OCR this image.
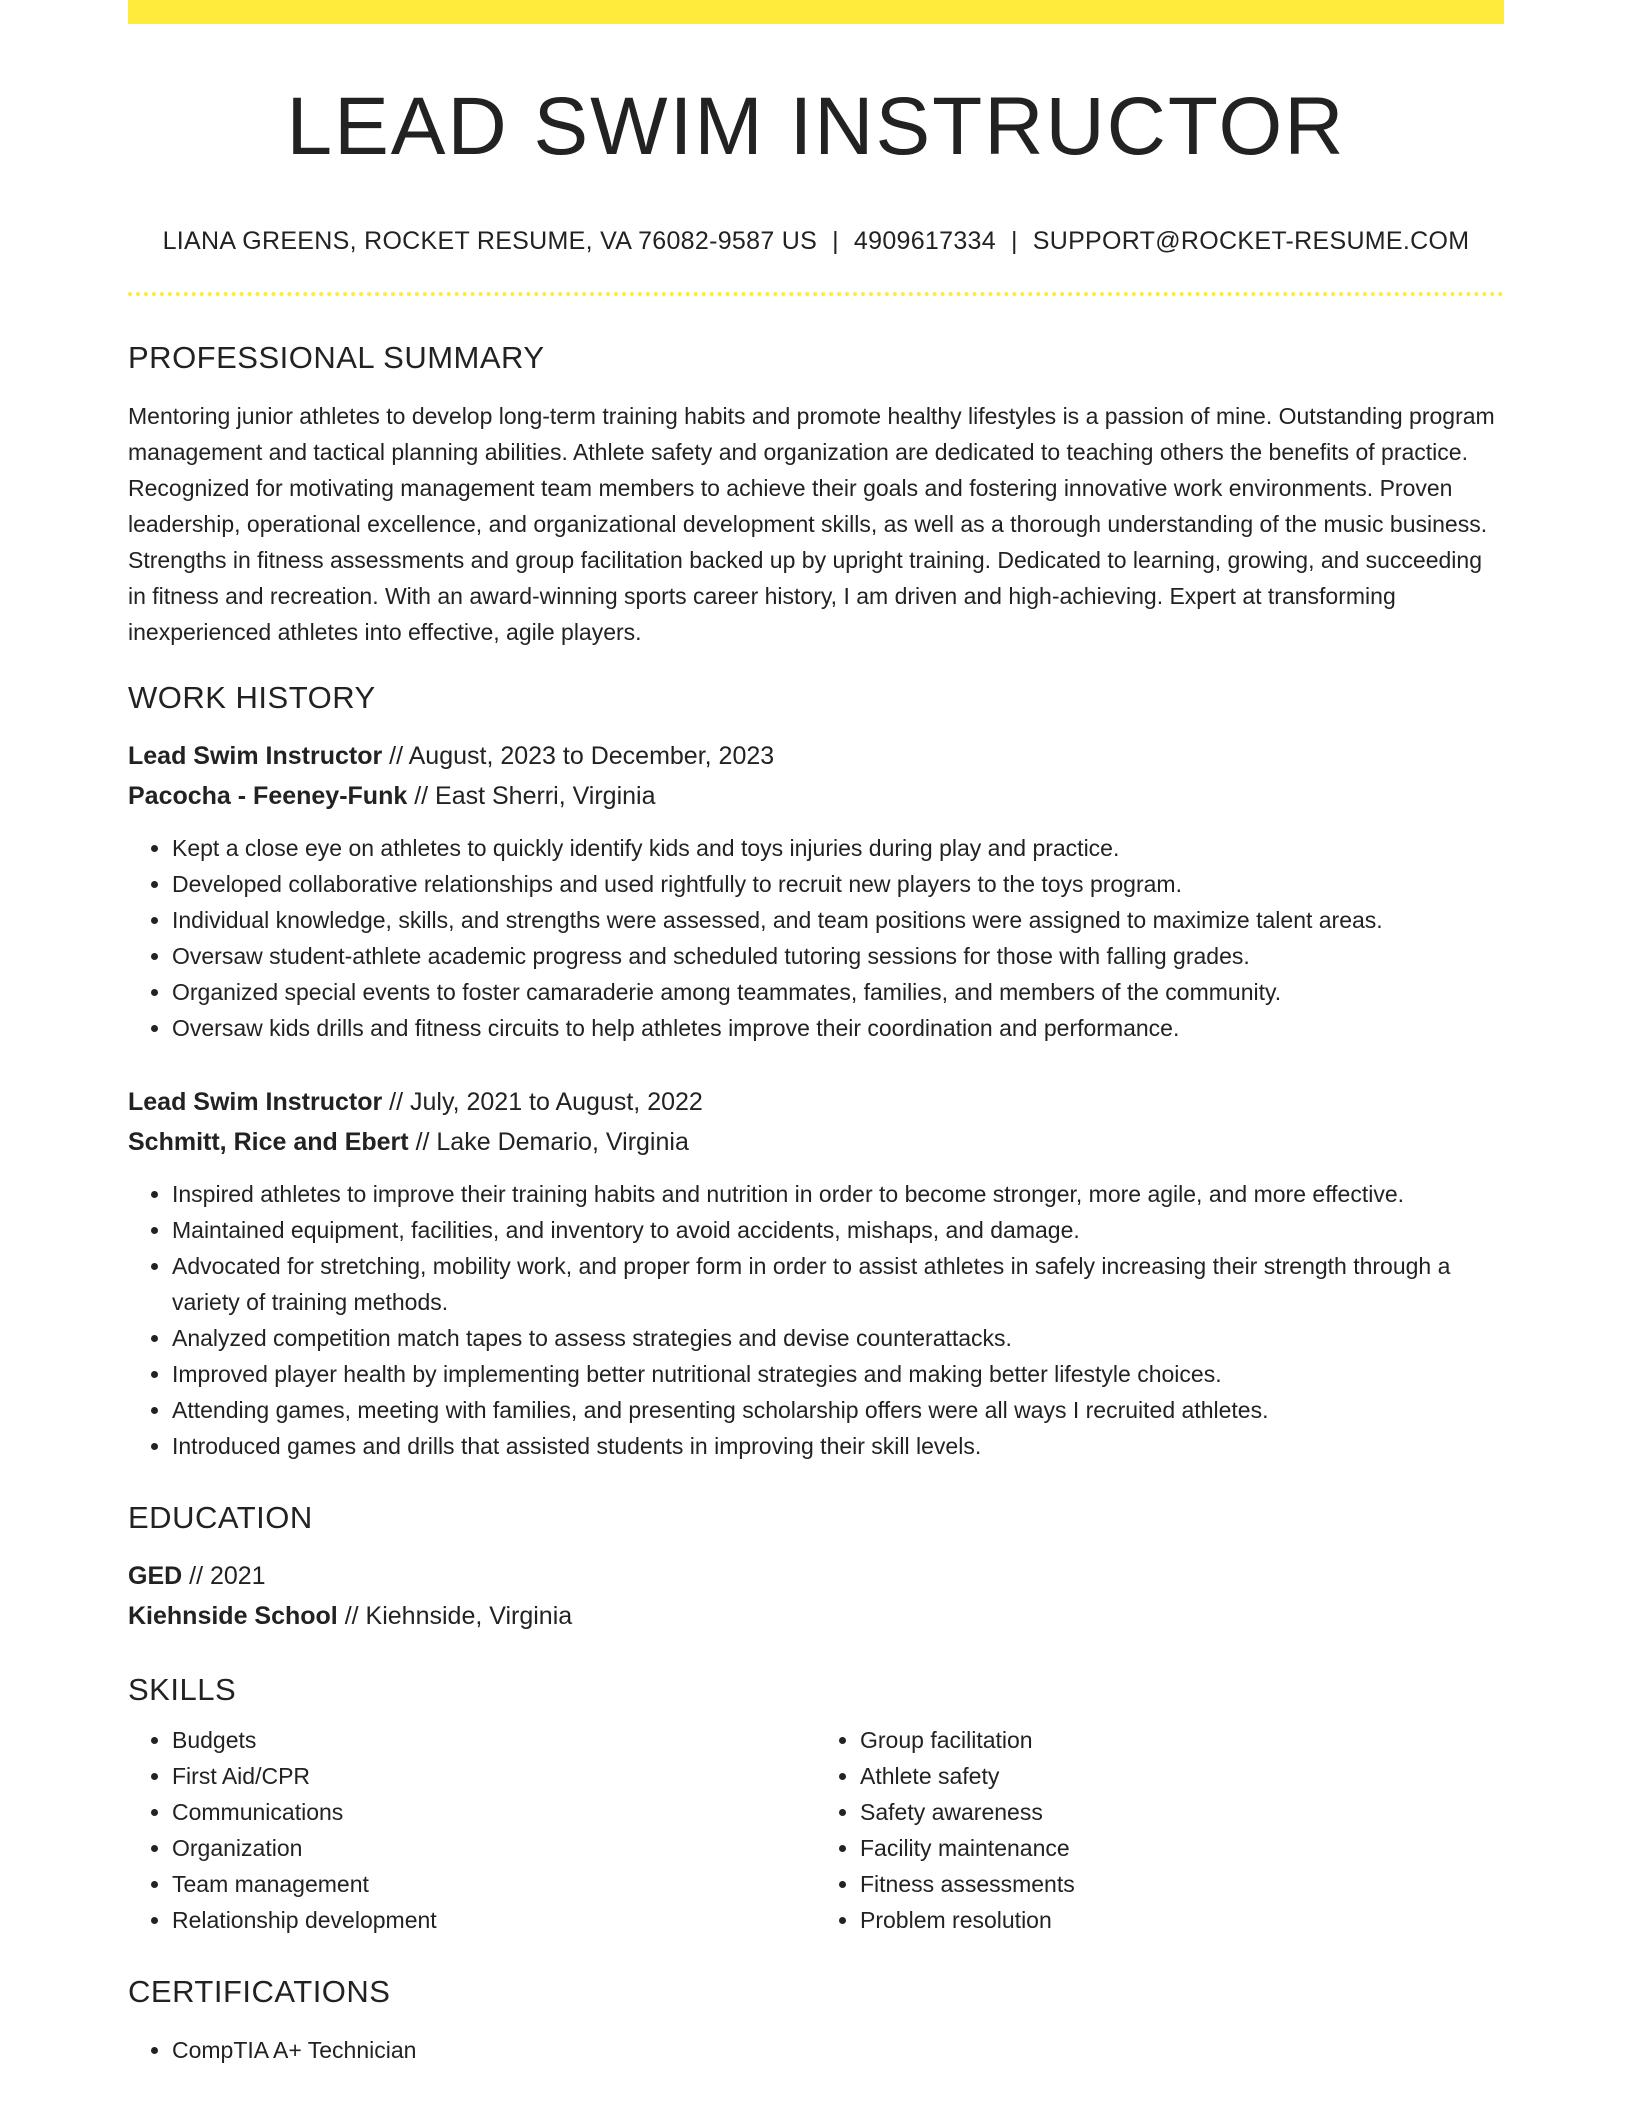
LEAD SWIM INSTRUCTOR
LIANA GREENS, ROCKET RESUME, VA 76082-9587 US | 4909617334 | SUPPORT@ROCKET-RESUME.COM
PROFESSIONAL SUMMARY

Mentoring junior athletes to develop long-term training habits and promote healthy lifestyles is a passion of mine. Outstanding program management and tactical planning abilities. Athlete safety and organization are dedicated to teaching others the benefits of practice. Recognized for motivating management team members to achieve their goals and fostering innovative work environments. Proven leadership, operational excellence, and organizational development skills, as well as a thorough understanding of the music business. Strengths in fitness assessments and group facilitation backed up by upright training. Dedicated to learning, growing, and succeeding in fitness and recreation. With an award-winning sports career history, I am driven and high-achieving. Expert at transforming inexperienced athletes into effective, agile players.

WORK HISTORY
Lead Swim Instructor // August, 2023 to December, 2023
Pacocha - Feeney-Funk // East Sherri, Virginia
• Kept a close eye on athletes to quickly identify kids and toys injuries during play and practice.
• Developed collaborative relationships and used rightfully to recruit new players to the toys program.
• Individual knowledge, skills, and strengths were assessed, and team positions were assigned to maximize talent areas.
• Oversaw student-athlete academic progress and scheduled tutoring sessions for those with falling grades.
• Organized special events to foster camaraderie among teammates, families, and members of the community.
• Oversaw kids drills and fitness circuits to help athletes improve their coordination and performance.
Lead Swim Instructor // July, 2021 to August, 2022
Schmitt, Rice and Ebert // Lake Demario, Virginia
• Inspired athletes to improve their training habits and nutrition in order to become stronger, more agile, and more effective.
• Maintained equipment, facilities, and inventory to avoid accidents, mishaps, and damage.
• Advocated for stretching, mobility work, and proper form in order to assist athletes in safely increasing their strength through a variety of training methods.
• Analyzed competition match tapes to assess strategies and devise counterattacks.
• Improved player health by implementing better nutritional strategies and making better lifestyle choices.
• Attending games, meeting with families, and presenting scholarship offers were all ways I recruited athletes.
• Introduced games and drills that assisted students in improving their skill levels.
EDUCATION
GED // 2021
Kiehnside School // Kiehnside, Virginia
SKILLS
• Budgets
• First Aid/CPR
• Communications
• Organization
• Team management
• Relationship development
• Group facilitation
• Athlete safety
• Safety awareness
• Facility maintenance
• Fitness assessments
• Problem resolution
CERTIFICATIONS
• CompTIA A+ Technician
